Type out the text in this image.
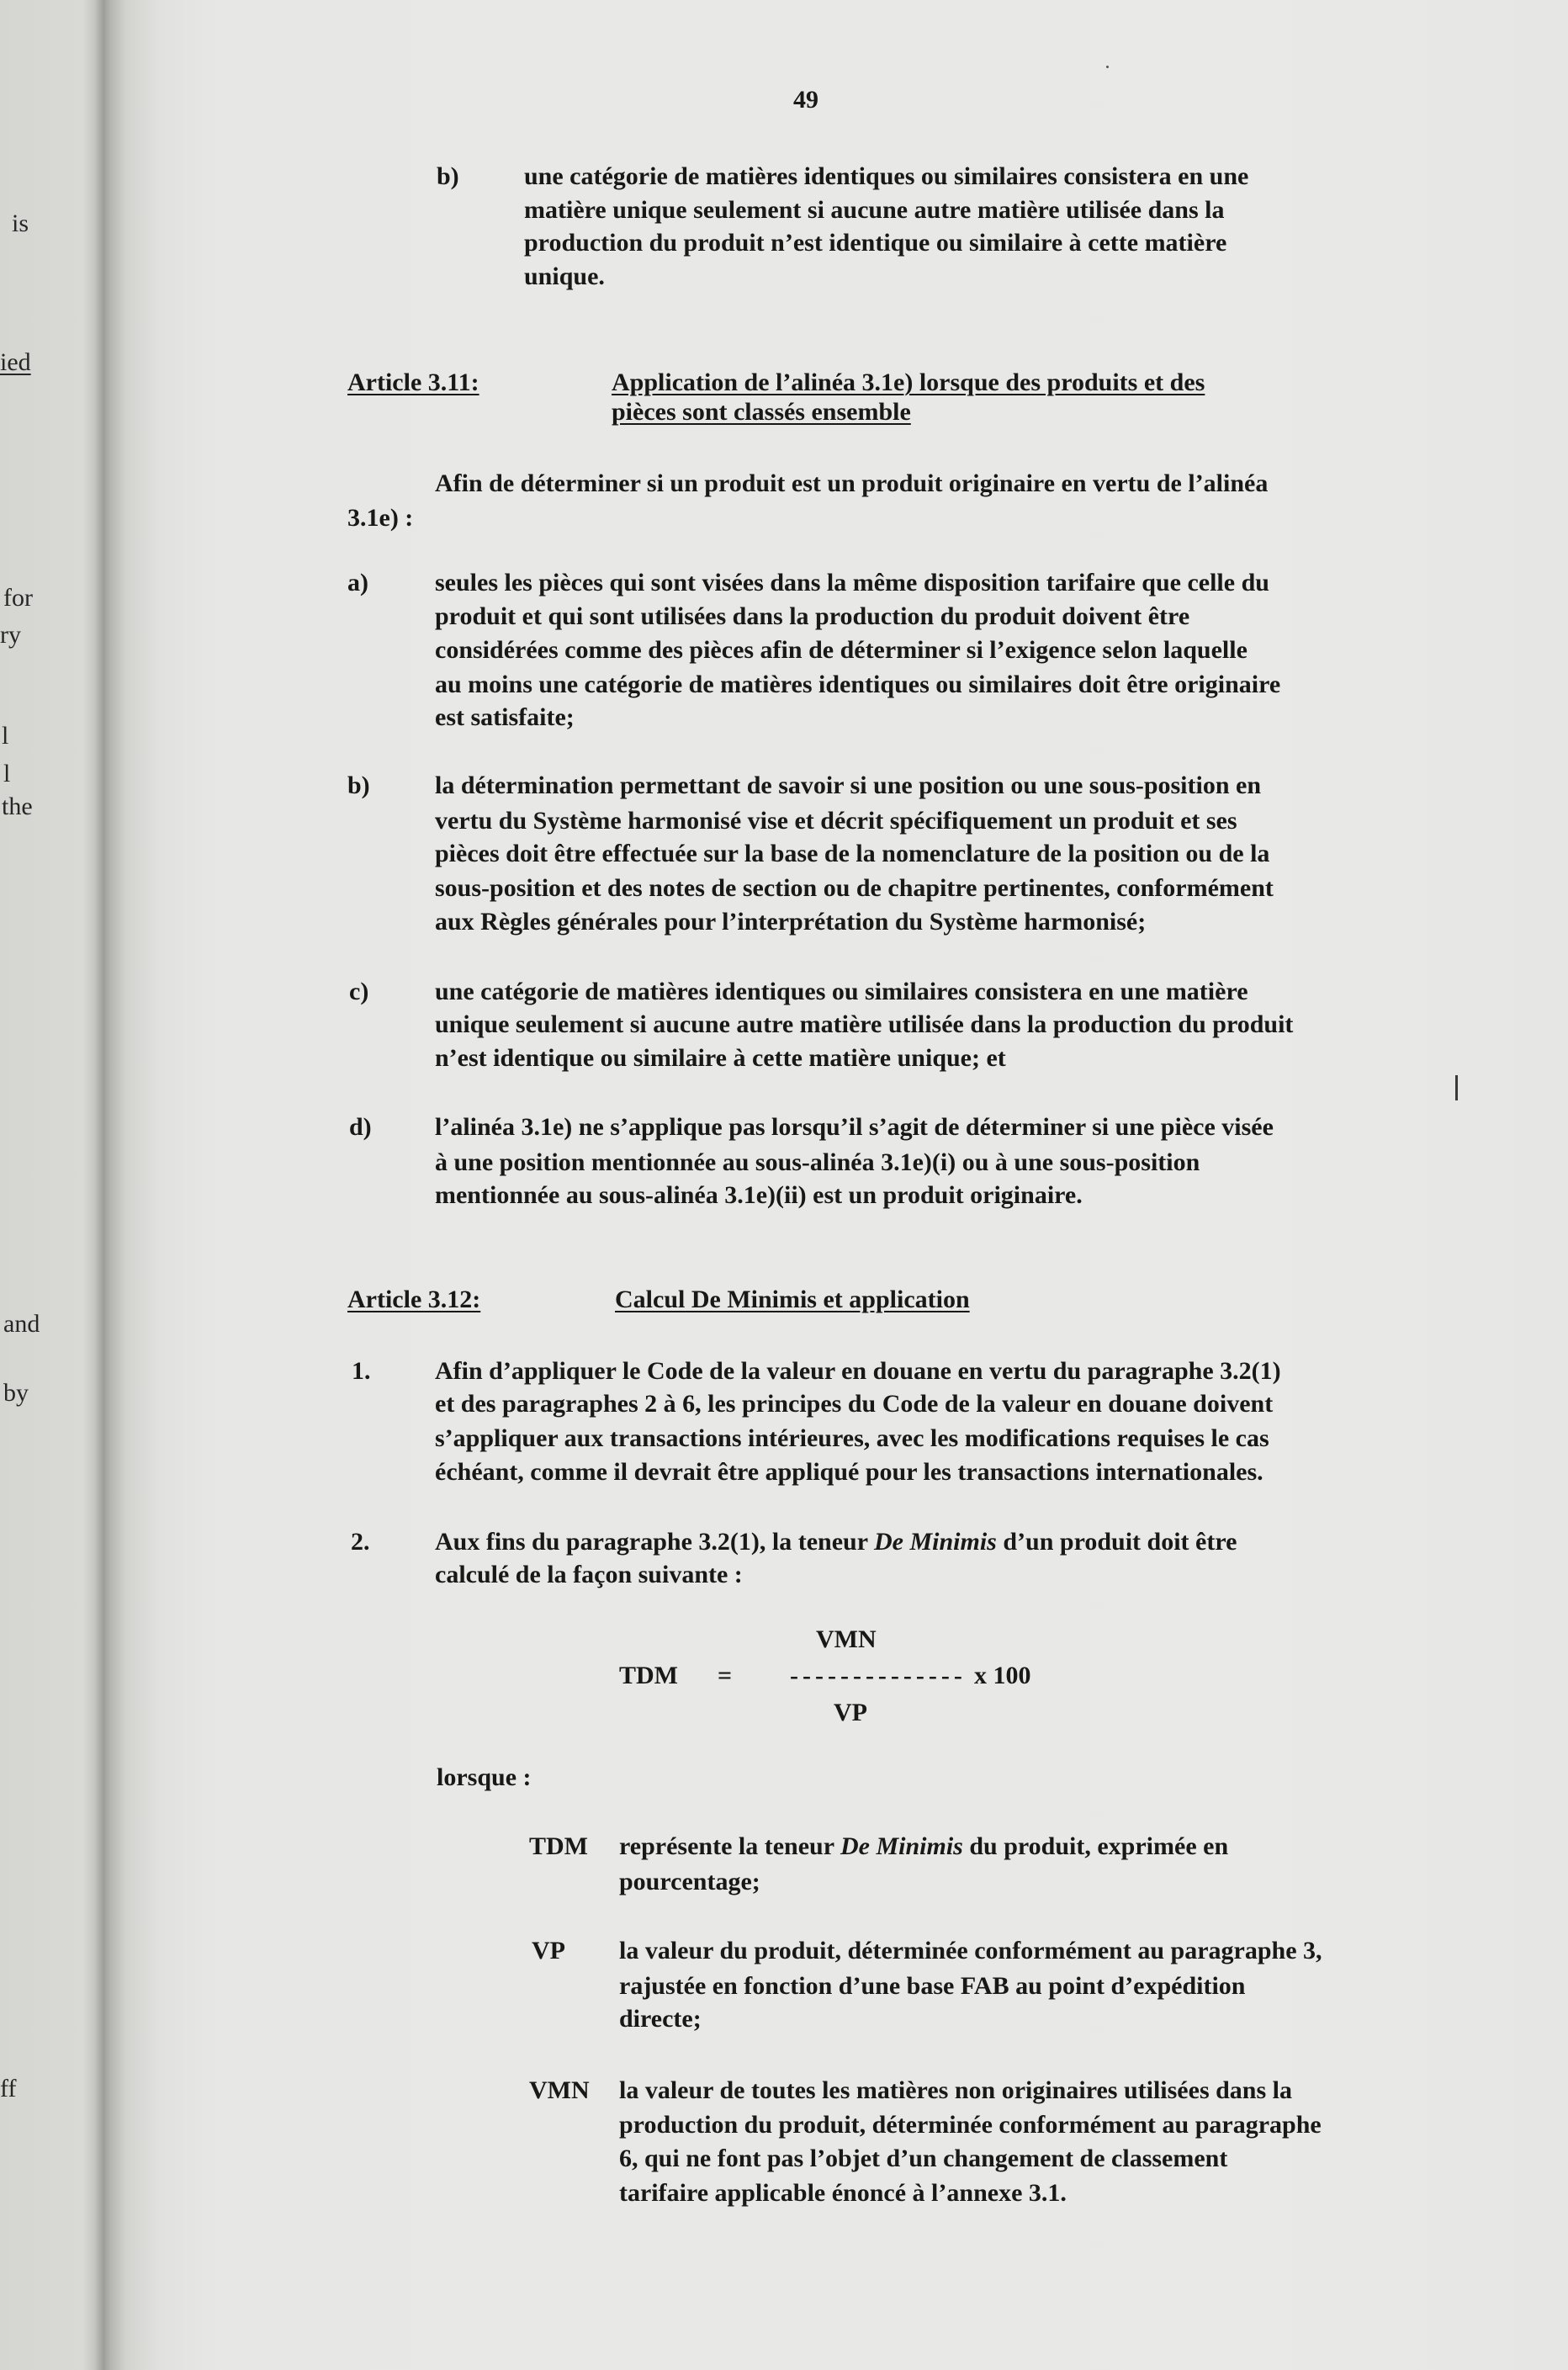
is
ied
for
ry
l
l
the
and
by
ff
49
b)	une catégorie de matières identiques ou similaires consistera en une
matière unique seulement si aucune autre matière utilisée dans la
production du produit n’est identique ou similaire à cette matière
unique.
Article 3.11:	Application de l’alinéa 3.1e) lorsque des produits et des
pièces sont classés ensemble
Afin de déterminer si un produit est un produit originaire en vertu de l’alinéa
3.1e) :
a)	seules les pièces qui sont visées dans la même disposition tarifaire que celle du
produit et qui sont utilisées dans la production du produit doivent être
considérées comme des pièces afin de déterminer si l’exigence selon laquelle
au moins une catégorie de matières identiques ou similaires doit être originaire
est satisfaite;
b)	la détermination permettant de savoir si une position ou une sous-position en
vertu du Système harmonisé vise et décrit spécifiquement un produit et ses
pièces doit être effectuée sur la base de la nomenclature de la position ou de la
sous-position et des notes de section ou de chapitre pertinentes, conformément
aux Règles générales pour l’interprétation du Système harmonisé;
c)	une catégorie de matières identiques ou similaires consistera en une matière
unique seulement si aucune autre matière utilisée dans la production du produit
n’est identique ou similaire à cette matière unique; et
d)	l’alinéa 3.1e) ne s’applique pas lorsqu’il s’agit de déterminer si une pièce visée
à une position mentionnée au sous-alinéa 3.1e)(i) ou à une sous-position
mentionnée au sous-alinéa 3.1e)(ii) est un produit originaire.
Article 3.12:	Calcul De Minimis et application
1.	Afin d’appliquer le Code de la valeur en douane en vertu du paragraphe 3.2(1)
et des paragraphes 2 à 6, les principes du Code de la valeur en douane doivent
s’appliquer aux transactions intérieures, avec les modifications requises le cas
échéant, comme il devrait être appliqué pour les transactions internationales.
2.	Aux fins du paragraphe 3.2(1), la teneur De Minimis d’un produit doit être
calculé de la façon suivante :
VMN
TDM = -------------- x 100
VP
lorsque :
TDM représente la teneur De Minimis du produit, exprimée en
pourcentage;
VP la valeur du produit, déterminée conformément au paragraphe 3,
rajustée en fonction d’une base FAB au point d’expédition
directe;
VMN la valeur de toutes les matières non originaires utilisées dans la
production du produit, déterminée conformément au paragraphe
6, qui ne font pas l’objet d’un changement de classement
tarifaire applicable énoncé à l’annexe 3.1.
